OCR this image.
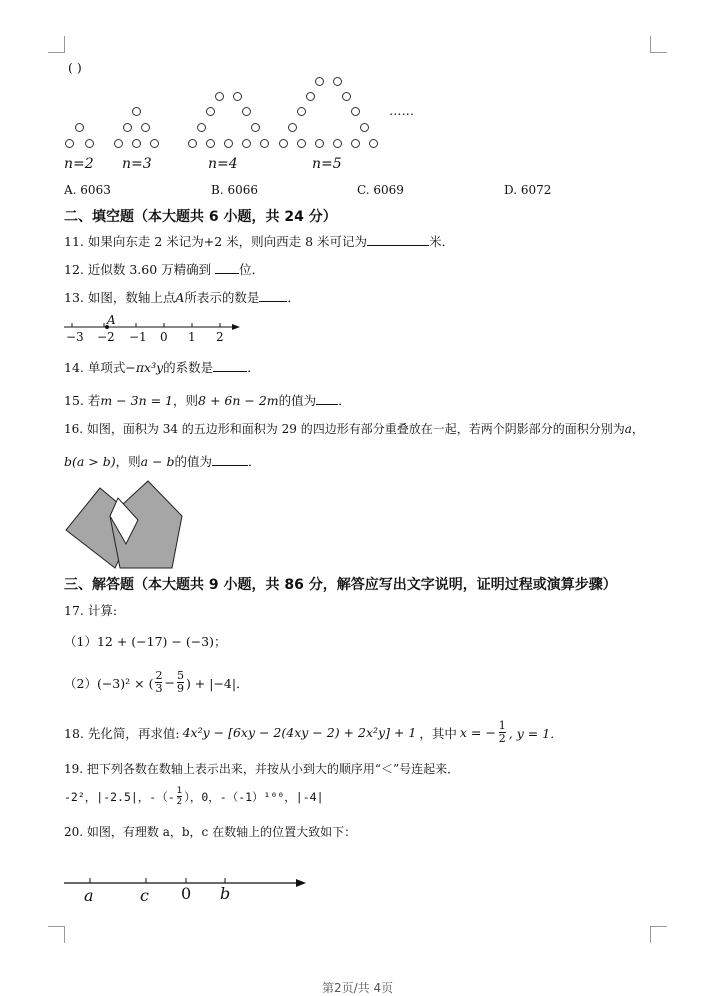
( )
……
n=2 n=3	n=4	n=5
A. 6063	B. 6066	C. 6069	D. 6072
二、填空题（本大题共 6 小题，共 24 分）
11. 如果向东走 2 米记为+2 米，则向西走 8 米可记为	米．
12. 近似数 3.60 万精确到 位．
13. 如图，数轴上点A所表示的数是 ．
A
−3 −2 −1 0 1 2
14. 单项式−πx³y的系数是	．
15. 若m − 3n = 1，则8 + 6n − 2m的值为 ．
16. 如图，面积为 34 的五边形和面积为 29 的四边形有部分重叠放在一起，若两个阴影部分的面积分别为a，
b(a > b)，则a − b的值为	．
三、解答题（本大题共 9 小题，共 86 分，解答应写出文字说明，证明过程或演算步骤）
17. 计算:
（1）12 + (−17) − (−3)；
（2）(−3)² × ( $\frac{2}{3} - \frac{5}{9}$ ) + |−4|．
18. 先化简，再求值: 4x²y − [6xy − 2(4xy − 2) + 2x²y] + 1 ，其中 x = − $\frac{1}{2}$ , y = 1．
19. 把下列各数在数轴上表示出来，并按从小到大的顺序用“＜”号连起来．
-2²，|-2.5|，-（- $\frac{1}{2}$ ），0，-（-1）¹⁰⁰，|-4|
20. 如图，有理数 a，b，c 在数轴上的位置大致如下：
a	c 0 b
第2页/共 4页
